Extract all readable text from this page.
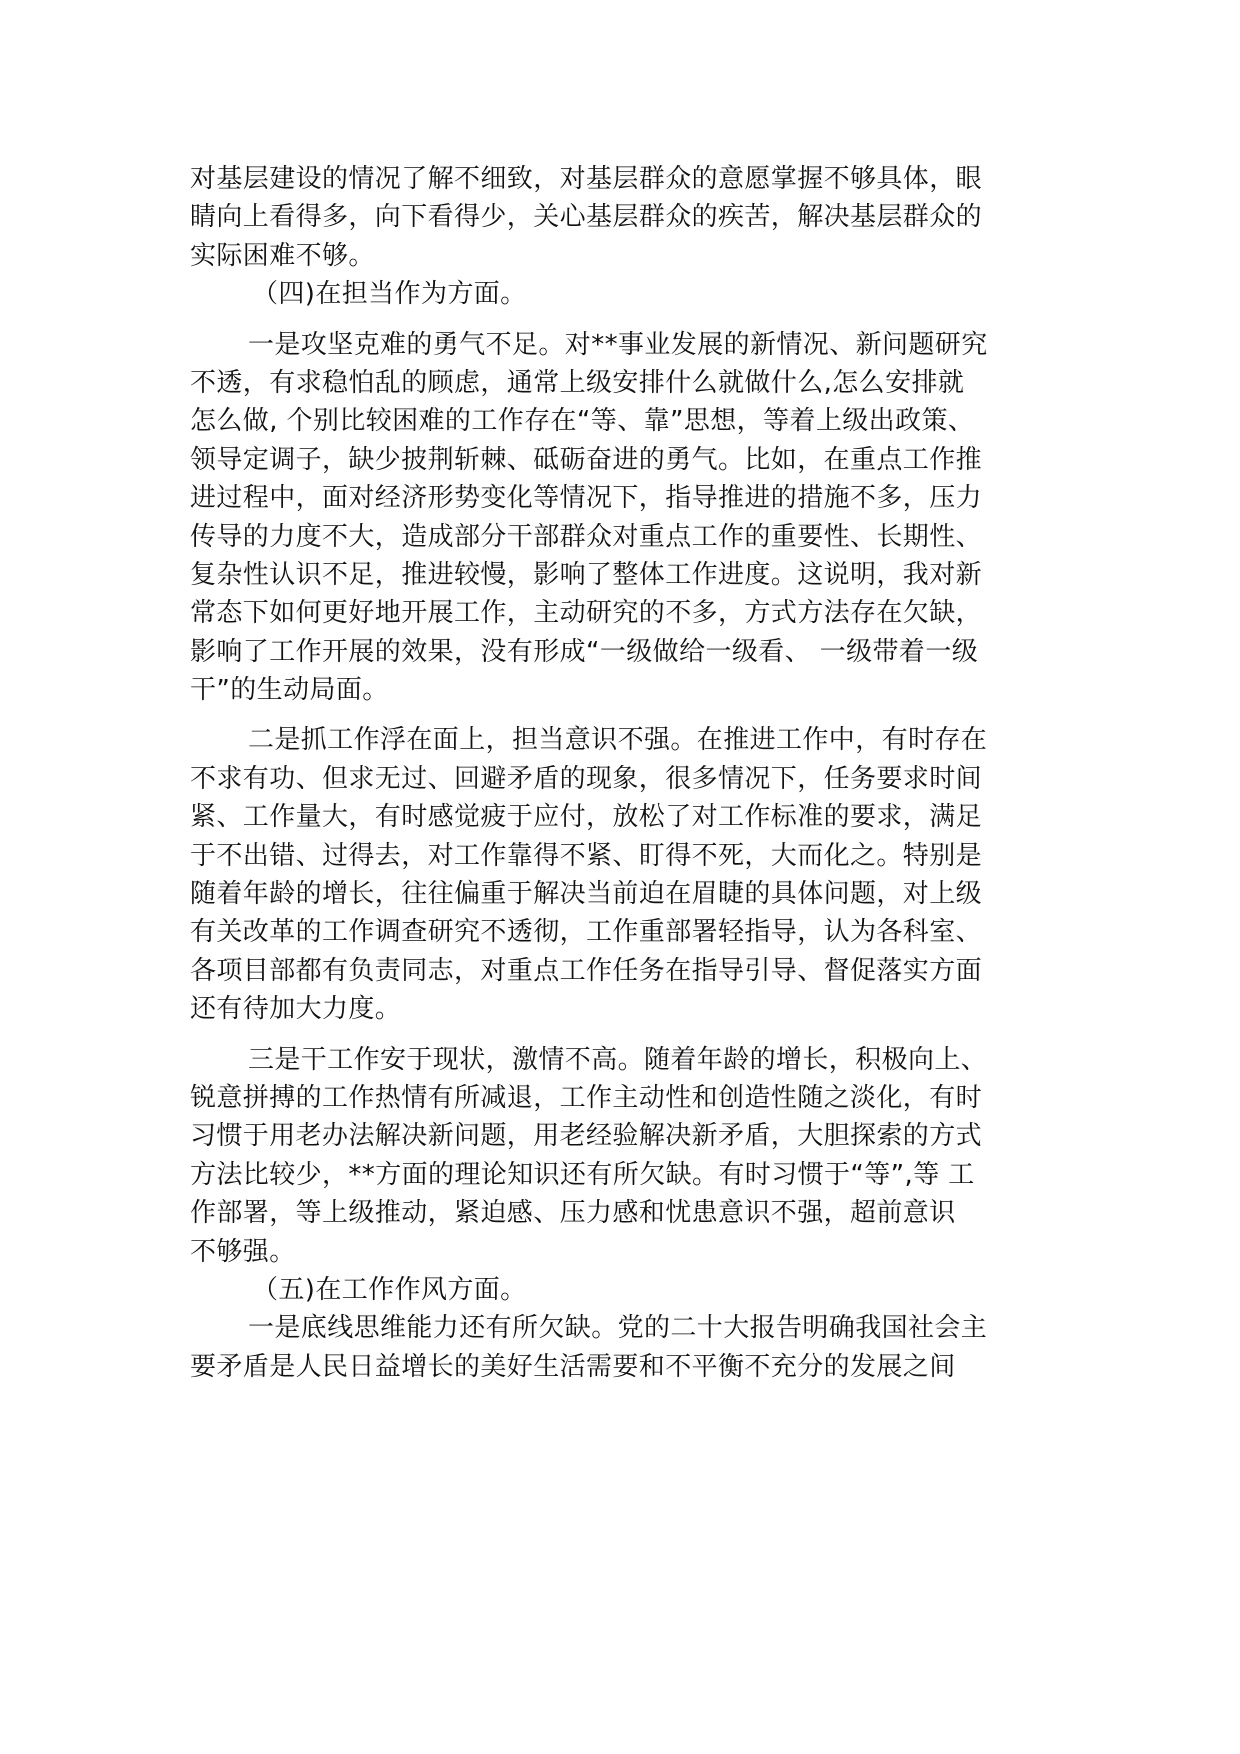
对基层建设的情况了解不细致，对基层群众的意愿掌握不够具体，眼
睛向上看得多，向下看得少，关心基层群众的疾苦，解决基层群众的
实际困难不够。
（四)在担当作为方面。
一是攻坚克难的勇气不足。对**事业发展的新情况、新问题研究
不透，有求稳怕乱的顾虑，通常上级安排什么就做什么,怎么安排就
怎么做, 个别比较困难的工作存在“等、靠”思想，等着上级出政策、
领导定调子，缺少披荆斩棘、砥砺奋进的勇气。比如，在重点工作推
进过程中，面对经济形势变化等情况下，指导推进的措施不多，压力
传导的力度不大，造成部分干部群众对重点工作的重要性、长期性、
复杂性认识不足，推进较慢，影响了整体工作进度。这说明，我对新
常态下如何更好地开展工作，主动研究的不多，方式方法存在欠缺，
影响了工作开展的效果，没有形成“一级做给一级看、 一级带着一级
干”的生动局面。
二是抓工作浮在面上，担当意识不强。在推进工作中，有时存在
不求有功、但求无过、回避矛盾的现象，很多情况下，任务要求时间
紧、工作量大，有时感觉疲于应付，放松了对工作标准的要求，满足
于不出错、过得去，对工作靠得不紧、盯得不死，大而化之。特别是
随着年龄的增长，往往偏重于解决当前迫在眉睫的具体问题，对上级
有关改革的工作调查研究不透彻，工作重部署轻指导，认为各科室、
各项目部都有负责同志，对重点工作任务在指导引导、督促落实方面
还有待加大力度。
三是干工作安于现状，激情不高。随着年龄的增长，积极向上、
锐意拼搏的工作热情有所减退，工作主动性和创造性随之淡化，有时
习惯于用老办法解决新问题，用老经验解决新矛盾，大胆探索的方式
方法比较少，**方面的理论知识还有所欠缺。有时习惯于“等”,等 工
作部署，等上级推动，紧迫感、压力感和忧患意识不强，超前意识
不够强。
（五)在工作作风方面。
一是底线思维能力还有所欠缺。党的二十大报告明确我国社会主
要矛盾是人民日益增长的美好生活需要和不平衡不充分的发展之间
